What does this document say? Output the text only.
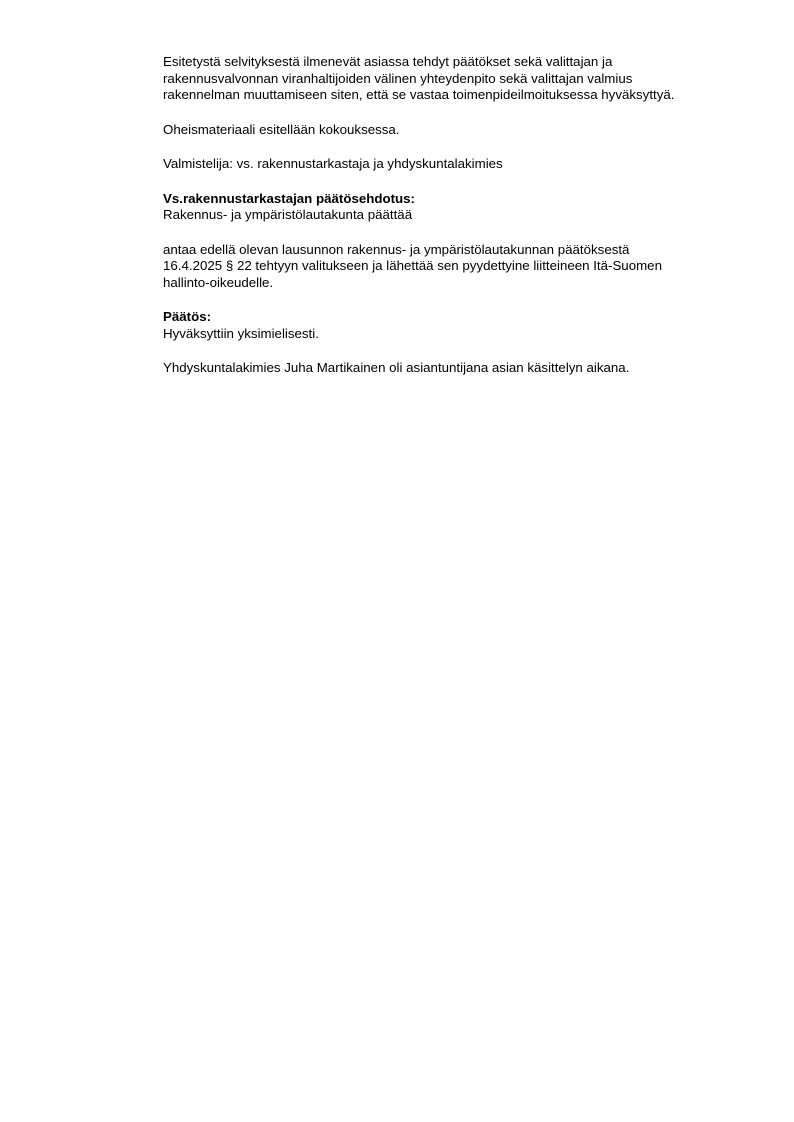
Esitetystä selvityksestä ilmenevät asiassa tehdyt päätökset sekä valittajan ja
rakennusvalvonnan viranhaltijoiden välinen yhteydenpito sekä valittajan valmius
rakennelman muuttamiseen siten, että se vastaa toimenpideilmoituksessa hyväksyttyä.

Oheismateriaali esitellään kokouksessa.

Valmistelija: vs. rakennustarkastaja ja yhdyskuntalakimies

Vs.rakennustarkastajan päätösehdotus:
Rakennus- ja ympäristölautakunta päättää

antaa edellä olevan lausunnon rakennus- ja ympäristölautakunnan päätöksestä
16.4.2025 § 22 tehtyyn valitukseen ja lähettää sen pyydettyine liitteineen Itä-Suomen
hallinto-oikeudelle.

Päätös:
Hyväksyttiin yksimielisesti.

Yhdyskuntalakimies Juha Martikainen oli asiantuntijana asian käsittelyn aikana.
